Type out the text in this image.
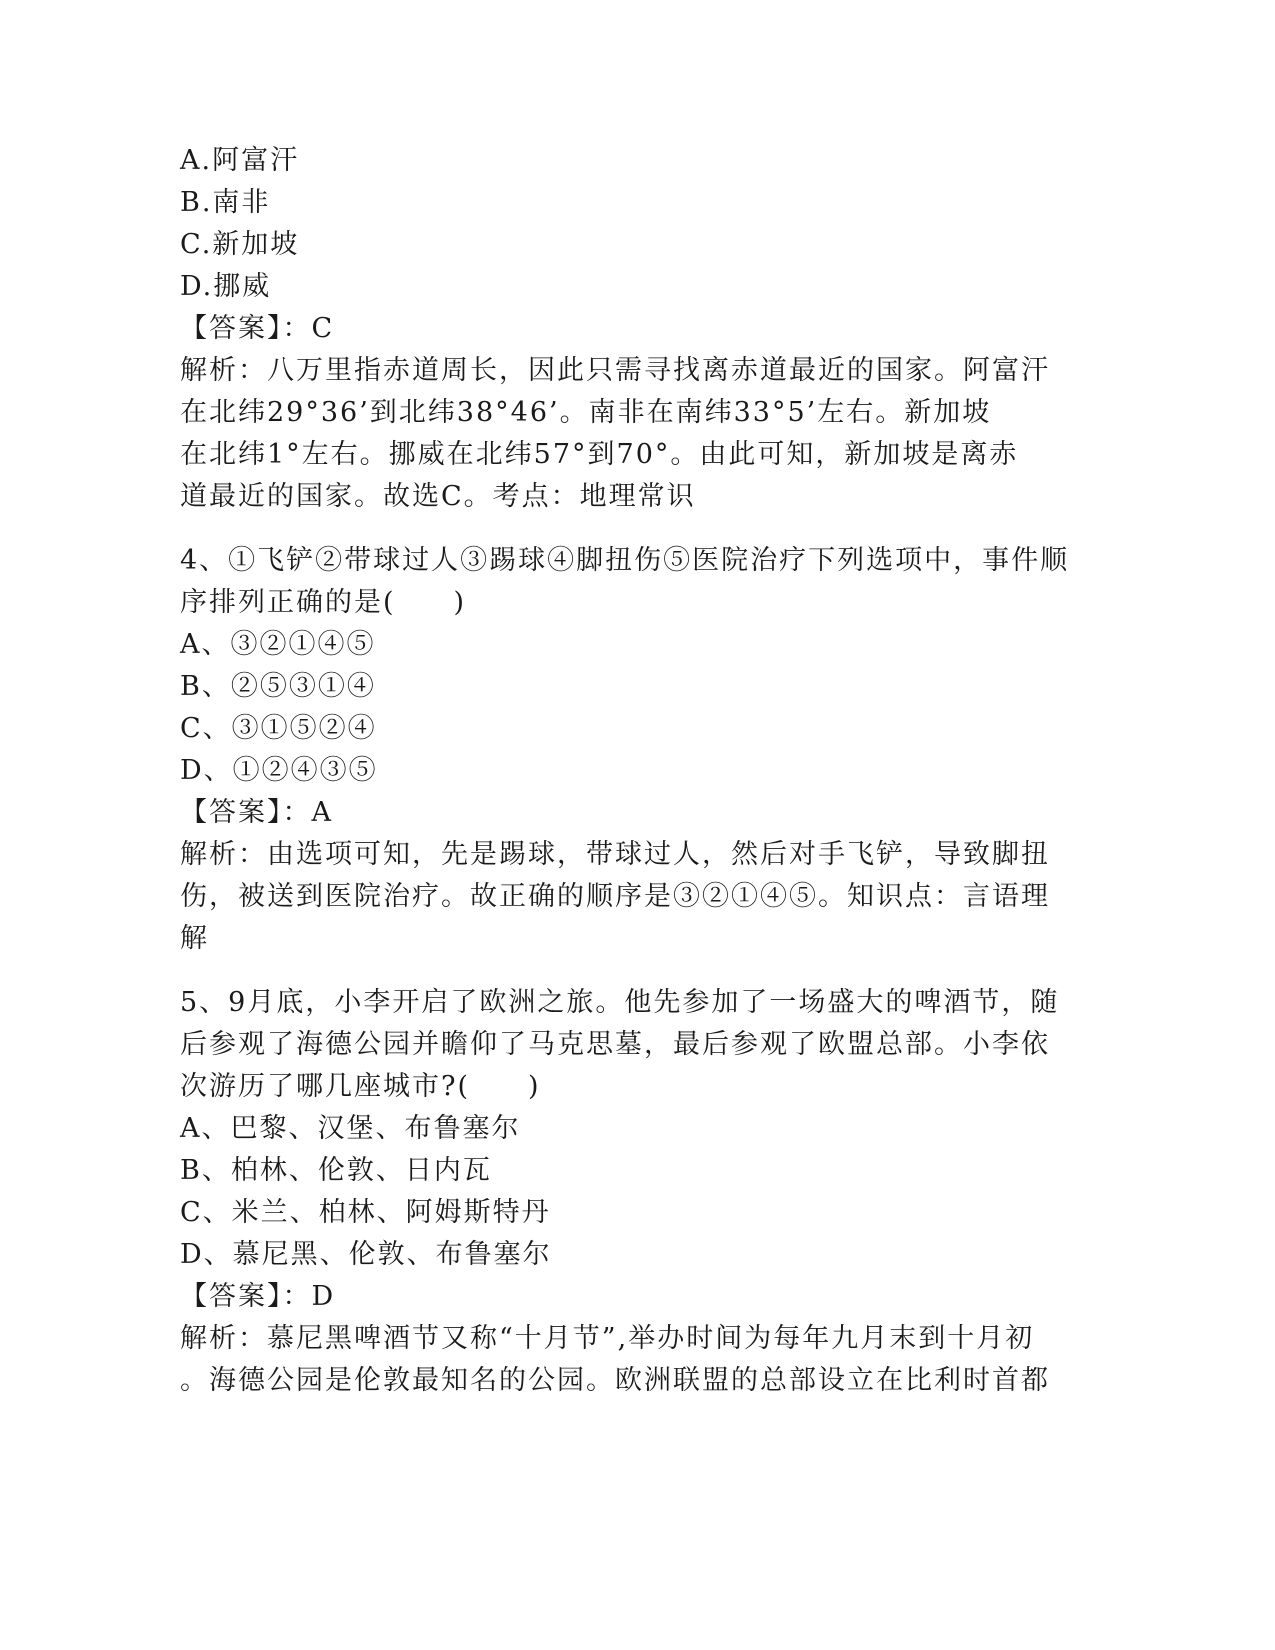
A.阿富汗
B.南非
C.新加坡
D.挪威
【答案】：C
解析：八万里指赤道周长，因此只需寻找离赤道最近的国家。阿富汗
在北纬29°36’到北纬38°46’。南非在南纬33°5’左右。新加坡
在北纬1°左右。挪威在北纬57°到70°。由此可知，新加坡是离赤
道最近的国家。故选C。考点：地理常识
4、①飞铲②带球过人③踢球④脚扭伤⑤医院治疗下列选项中，事件顺
序排列正确的是(　　)
A、③②①④⑤
B、②⑤③①④
C、③①⑤②④
D、①②④③⑤
【答案】：A
解析：由选项可知，先是踢球，带球过人，然后对手飞铲，导致脚扭
伤，被送到医院治疗。故正确的顺序是③②①④⑤。知识点：言语理
解
5、9月底，小李开启了欧洲之旅。他先参加了一场盛大的啤酒节，随
后参观了海德公园并瞻仰了马克思墓，最后参观了欧盟总部。小李依
次游历了哪几座城市?(　　)
A、巴黎、汉堡、布鲁塞尔
B、柏林、伦敦、日内瓦
C、米兰、柏林、阿姆斯特丹
D、慕尼黑、伦敦、布鲁塞尔
【答案】：D
解析：慕尼黑啤酒节又称“十月节”,举办时间为每年九月末到十月初
。海德公园是伦敦最知名的公园。欧洲联盟的总部设立在比利时首都
